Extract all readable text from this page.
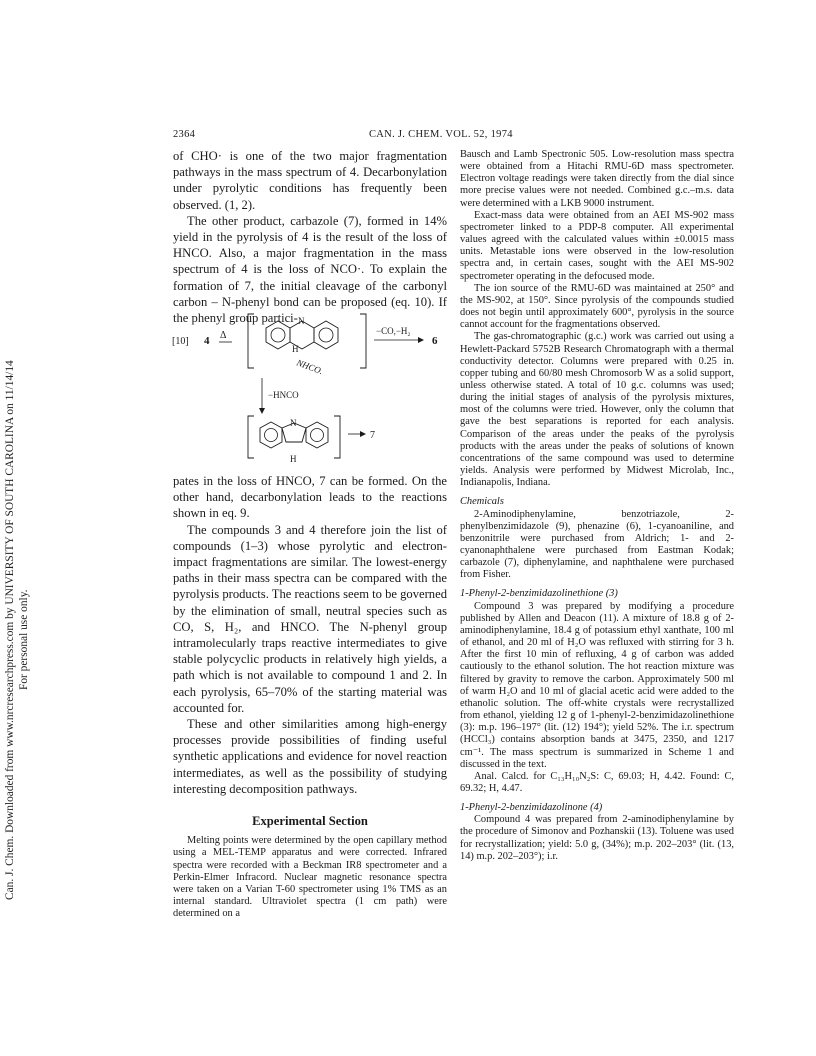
2364	CAN. J. CHEM. VOL. 52, 1974
Can. J. Chem. Downloaded from www.nrcresearchpress.com by UNIVERSITY OF SOUTH CAROLINA on 11/14/14 For personal use only.

of CHO· is one of the two major fragmentation pathways in the mass spectrum of 4. Decarbonylation under pyrolytic conditions has frequently been observed. (1, 2).

The other product, carbazole (7), formed in 14% yield in the pyrolysis of 4 is the result of the loss of HNCO. Also, a major fragmentation in the mass spectrum of 4 is the loss of NCO·. To explain the formation of 7, the initial cleavage of the carbonyl carbon – N-phenyl bond can be proposed (eq. 10). If the phenyl group partici-

[10] 4 Δ
N
H
NHCO.
−CO,−H₂
6
−HNCO
N
H
7

pates in the loss of HNCO, 7 can be formed. On the other hand, decarbonylation leads to the reactions shown in eq. 9.

The compounds 3 and 4 therefore join the list of compounds (1–3) whose pyrolytic and electron-impact fragmentations are similar. The lowest-energy paths in their mass spectra can be compared with the pyrolysis products. The reactions seem to be governed by the elimination of small, neutral species such as CO, S, H₂, and HNCO. The N-phenyl group intramolecularly traps reactive intermediates to give stable polycyclic products in relatively high yields, a path which is not available to compound 1 and 2. In each pyrolysis, 65–70% of the starting material was accounted for.

These and other similarities among high-energy processes provide possibilities of finding useful synthetic applications and evidence for novel reaction intermediates, as well as the possibility of studying interesting decomposition pathways.

Experimental Section

Melting points were determined by the open capillary method using a MEL-TEMP apparatus and were corrected. Infrared spectra were recorded with a Beckman IR8 spectrometer and a Perkin-Elmer Infracord. Nuclear magnetic resonance spectra were taken on a Varian T-60 spectrometer using 1% TMS as an internal standard. Ultraviolet spectra (1 cm path) were determined on a

Bausch and Lamb Spectronic 505. Low-resolution mass spectra were obtained from a Hitachi RMU-6D mass spectrometer. Electron voltage readings were taken directly from the dial since more precise values were not needed. Combined g.c.–m.s. data were determined with a LKB 9000 instrument.

Exact-mass data were obtained from an AEI MS-902 mass spectrometer linked to a PDP-8 computer. All experimental values agreed with the calculated values within ±0.0015 mass units. Metastable ions were observed in the low-resolution spectra and, in certain cases, sought with the AEI MS-902 spectrometer operating in the defocused mode.

The ion source of the RMU-6D was maintained at 250° and the MS-902, at 150°. Since pyrolysis of the compounds studied does not begin until approximately 600°, pyrolysis in the source cannot account for the fragmentations observed.

The gas-chromatographic (g.c.) work was carried out using a Hewlett-Packard 5752B Research Chromatograph with a thermal conductivity detector. Columns were prepared with 0.25 in. copper tubing and 60/80 mesh Chromosorb W as a solid support, unless otherwise stated. A total of 10 g.c. columns was used; during the initial stages of analysis of the pyrolysis mixtures, most of the columns were tried. However, only the column that gave the best separations is reported for each analysis. Comparison of the areas under the peaks of the pyrolysis products with the areas under the peaks of solutions of known concentrations of the same compound was used to determine yields. Analysis were performed by Midwest Microlab, Inc., Indianapolis, Indiana.

Chemicals

2-Aminodiphenylamine, benzotriazole, 2-phenylbenzimidazole (9), phenazine (6), 1-cyanoaniline, and benzonitrile were purchased from Aldrich; 1- and 2-cyanonaphthalene were purchased from Eastman Kodak; carbazole (7), diphenylamine, and naphthalene were purchased from Fisher.

1-Phenyl-2-benzimidazolinethione (3)

Compound 3 was prepared by modifying a procedure published by Allen and Deacon (11). A mixture of 18.8 g of 2-aminodiphenylamine, 18.4 g of potassium ethyl xanthate, 100 ml of ethanol, and 20 ml of H₂O was refluxed with stirring for 3 h. After the first 10 min of refluxing, 4 g of carbon was added cautiously to the ethanol solution. The hot reaction mixture was filtered by gravity to remove the carbon. Approximately 500 ml of warm H₂O and 10 ml of glacial acetic acid were added to the ethanolic solution. The off-white crystals were recrystallized from ethanol, yielding 12 g of 1-phenyl-2-benzimidazolinethione (3): m.p. 196–197° (lit. (12) 194°); yield 52%. The i.r. spectrum (HCCl₃) contains absorption bands at 3475, 2350, and 1217 cm⁻¹. The mass spectrum is summarized in Scheme 1 and discussed in the text.

Anal. Calcd. for C₁₃H₁₀N₂S: C, 69.03; H, 4.42. Found: C, 69.32; H, 4.47.

1-Phenyl-2-benzimidazolinone (4)

Compound 4 was prepared from 2-aminodiphenylamine by the procedure of Simonov and Pozhanskii (13). Toluene was used for recrystallization; yield: 5.0 g, (34%); m.p. 202–203° (lit. (13, 14) m.p. 202–203°); i.r.
